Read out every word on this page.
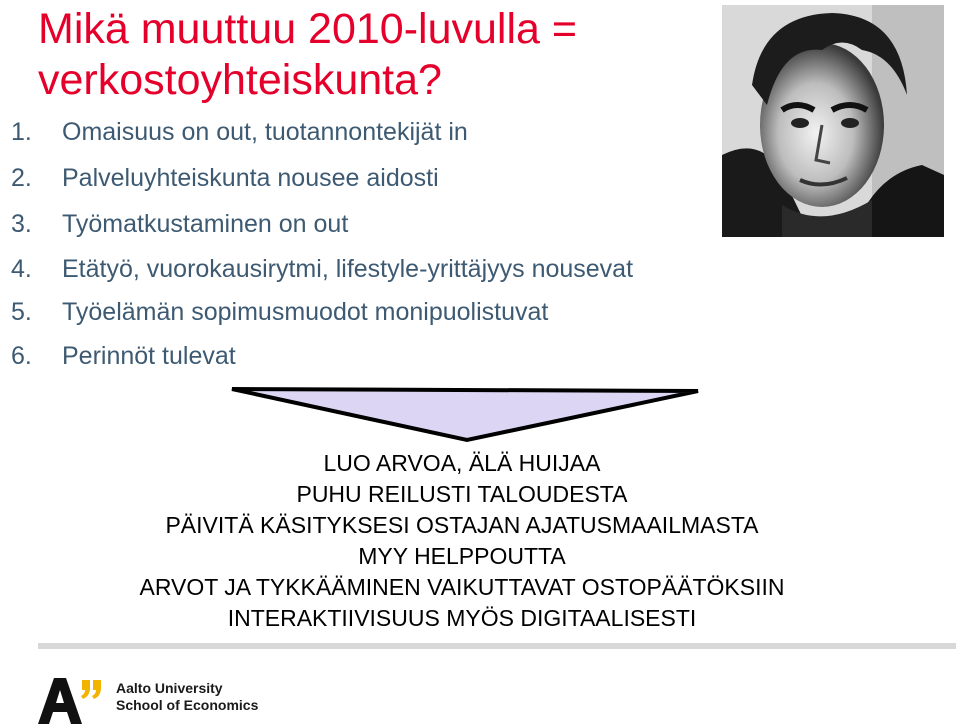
Mikä muuttuu 2010-luvulla =
verkostoyhteiskunta?
1.	Omaisuus on out, tuotannontekijät in
2.	Palveluyhteiskunta nousee aidosti
3.	Työmatkustaminen on out
4.	Etätyö, vuorokausirytmi, lifestyle-yrittäjyys nousevat
5.	Työelämän sopimusmuodot monipuolistuvat
6.	Perinnöt tulevat
LUO ARVOA, ÄLÄ HUIJAA
PUHU REILUSTI TALOUDESTA
PÄIVITÄ KÄSITYKSESI OSTAJAN AJATUSMAAILMASTA
MYY HELPPOUTTA
ARVOT JA TYKKÄÄMINEN VAIKUTTAVAT OSTOPÄÄTÖKSIIN
INTERAKTIIVISUUS MYÖS DIGITAALISESTI
Aalto University
School of Economics
